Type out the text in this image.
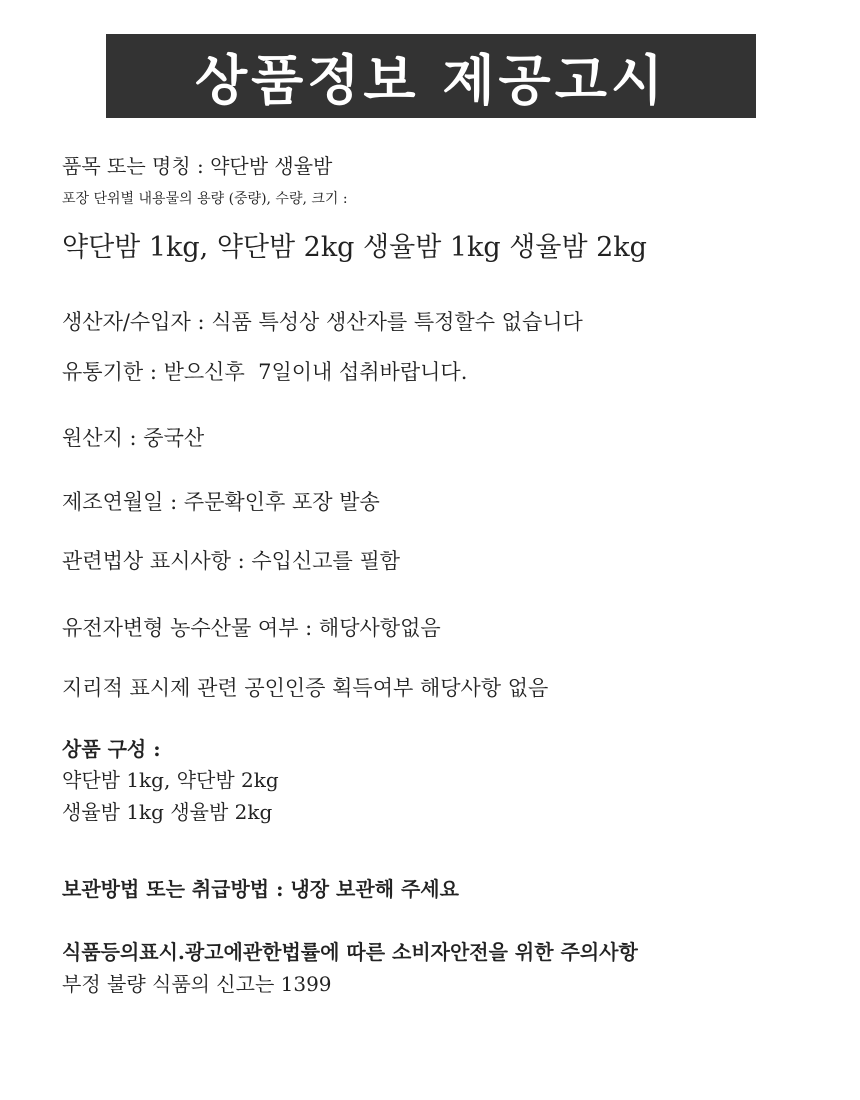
상품정보 제공고시
품목 또는 명칭 : 약단밤 생율밤
포장 단위별 내용물의 용량 (중량), 수량, 크기 :
약단밤 1kg, 약단밤 2kg 생율밤 1kg 생율밤 2kg
생산자/수입자 : 식품 특성상 생산자를 특정할수 없습니다
유통기한 : 받으신후  7일이내 섭취바랍니다.
원산지 : 중국산
제조연월일 : 주문확인후 포장 발송
관련법상 표시사항 : 수입신고를 필함
유전자변형 농수산물 여부 : 해당사항없음
지리적 표시제 관련 공인인증 획득여부 해당사항 없음
상품 구성 :
약단밤 1kg, 약단밤 2kg
생율밤 1kg 생율밤 2kg
보관방법 또는 취급방법 : 냉장 보관해 주세요
식품등의표시.광고에관한법률에 따른 소비자안전을 위한 주의사항
부정 불량 식품의 신고는 1399
